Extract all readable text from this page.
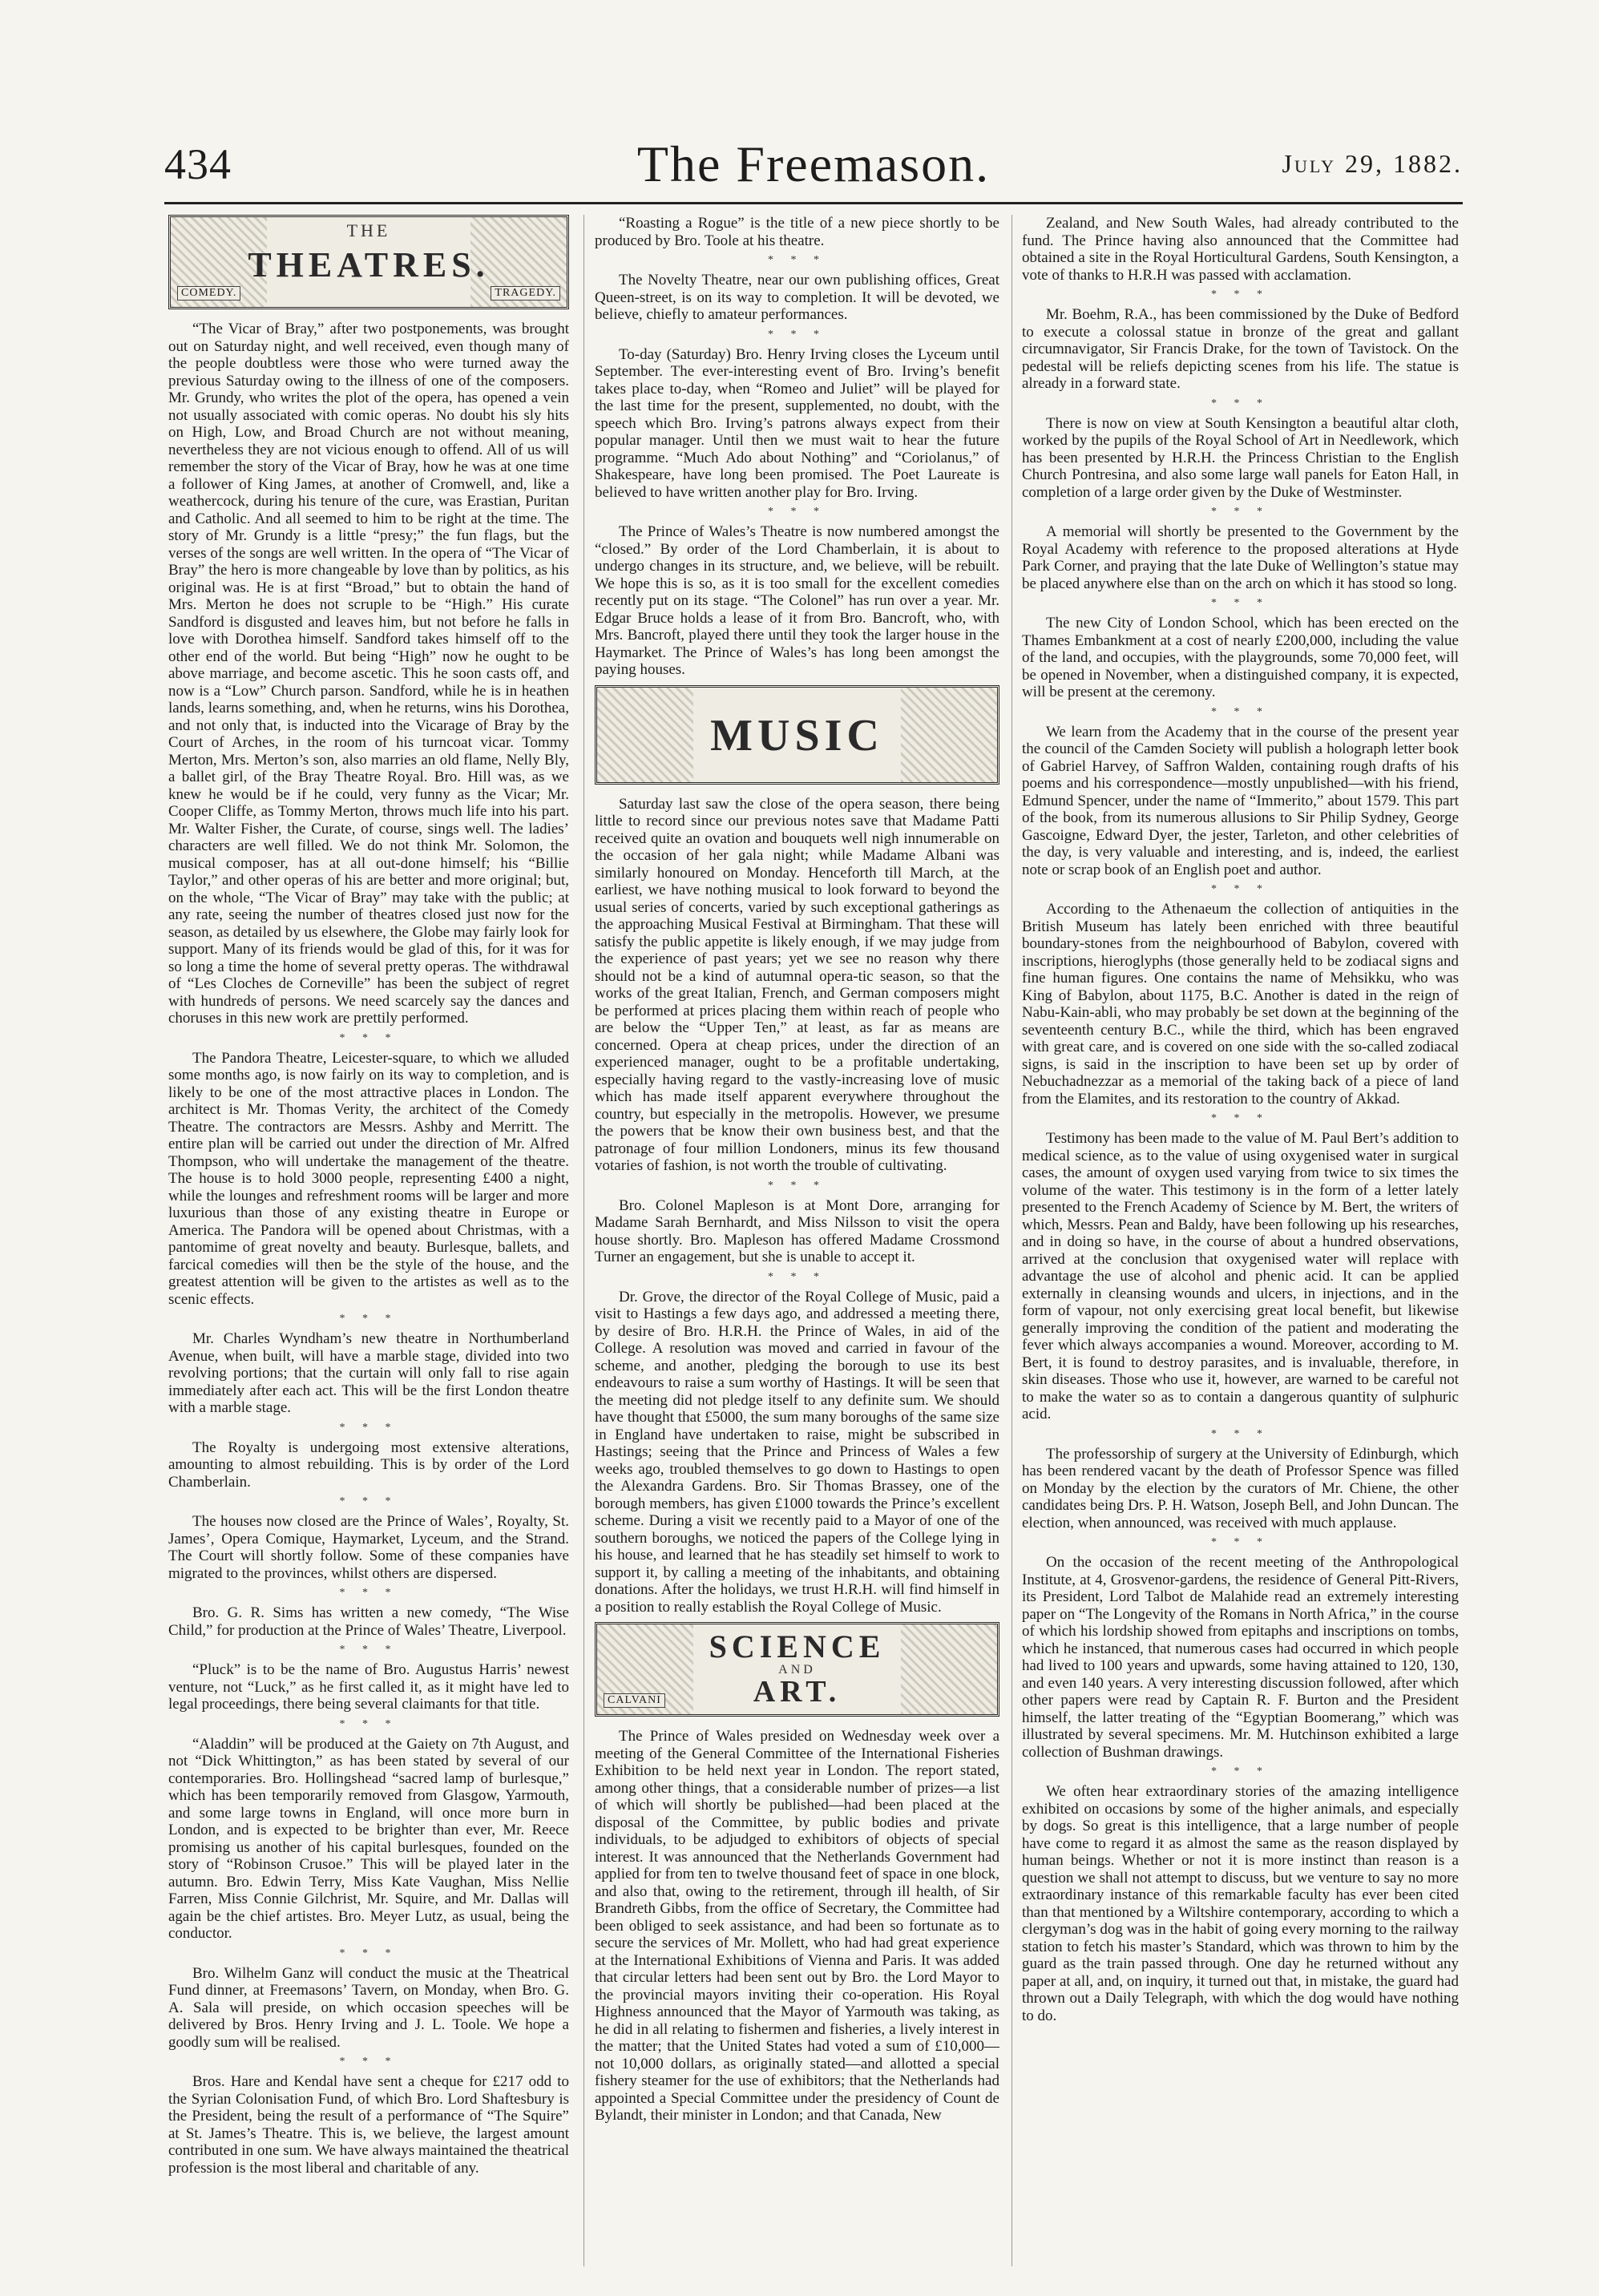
434	The Freemason.	July 29, 1882.
THE
THEATRES.
COMEDY.	TRAGEDY.

“The Vicar of Bray,” after two postponements, was brought out on Saturday night, and well received, even though many of the people doubtless were those who were turned away the previous Saturday owing to the illness of one of the composers. Mr. Grundy, who writes the plot of the opera, has opened a vein not usually associated with comic operas. No doubt his sly hits on High, Low, and Broad Church are not without meaning, nevertheless they are not vicious enough to offend. All of us will remember the story of the Vicar of Bray, how he was at one time a follower of King James, at another of Cromwell, and, like a weathercock, during his tenure of the cure, was Erastian, Puritan and Catholic. And all seemed to him to be right at the time. The story of Mr. Grundy is a little “presy;” the fun flags, but the verses of the songs are well written. In the opera of “The Vicar of Bray” the hero is more changeable by love than by politics, as his original was. He is at first “Broad,” but to obtain the hand of Mrs. Merton he does not scruple to be “High.” His curate Sandford is disgusted and leaves him, but not before he falls in love with Dorothea himself. Sandford takes himself off to the other end of the world. But being “High” now he ought to be above marriage, and become ascetic. This he soon casts off, and now is a “Low” Church parson. Sandford, while he is in heathen lands, learns something, and, when he returns, wins his Dorothea, and not only that, is inducted into the Vicarage of Bray by the Court of Arches, in the room of his turncoat vicar. Tommy Merton, Mrs. Merton’s son, also marries an old flame, Nelly Bly, a ballet girl, of the Bray Theatre Royal. Bro. Hill was, as we knew he would be if he could, very funny as the Vicar; Mr. Cooper Cliffe, as Tommy Merton, throws much life into his part. Mr. Walter Fisher, the Curate, of course, sings well. The ladies’ characters are well filled. We do not think Mr. Solomon, the musical composer, has at all out-done himself; his “Billie Taylor,” and other operas of his are better and more original; but, on the whole, “The Vicar of Bray” may take with the public; at any rate, seeing the number of theatres closed just now for the season, as detailed by us elsewhere, the Globe may fairly look for support. Many of its friends would be glad of this, for it was for so long a time the home of several pretty operas. The withdrawal of “Les Cloches de Corneville” has been the subject of regret with hundreds of persons. We need scarcely say the dances and choruses in this new work are prettily performed.

* * *

The Pandora Theatre, Leicester-square, to which we alluded some months ago, is now fairly on its way to completion, and is likely to be one of the most attractive places in London. The architect is Mr. Thomas Verity, the architect of the Comedy Theatre. The contractors are Messrs. Ashby and Merritt. The entire plan will be carried out under the direction of Mr. Alfred Thompson, who will undertake the management of the theatre. The house is to hold 3000 people, representing £400 a night, while the lounges and refreshment rooms will be larger and more luxurious than those of any existing theatre in Europe or America. The Pandora will be opened about Christmas, with a pantomime of great novelty and beauty. Burlesque, ballets, and farcical comedies will then be the style of the house, and the greatest attention will be given to the artistes as well as to the scenic effects.

* * *

Mr. Charles Wyndham’s new theatre in Northumberland Avenue, when built, will have a marble stage, divided into two revolving portions; that the curtain will only fall to rise again immediately after each act. This will be the first London theatre with a marble stage.

* * *

The Royalty is undergoing most extensive alterations, amounting to almost rebuilding. This is by order of the Lord Chamberlain.

* * *

The houses now closed are the Prince of Wales’, Royalty, St. James’, Opera Comique, Haymarket, Lyceum, and the Strand. The Court will shortly follow. Some of these companies have migrated to the provinces, whilst others are dispersed.

* * *

Bro. G. R. Sims has written a new comedy, “The Wise Child,” for production at the Prince of Wales’ Theatre, Liverpool.

* * *

“Pluck” is to be the name of Bro. Augustus Harris’ newest venture, not “Luck,” as he first called it, as it might have led to legal proceedings, there being several claimants for that title.

* * *

“Aladdin” will be produced at the Gaiety on 7th August, and not “Dick Whittington,” as has been stated by several of our contemporaries. Bro. Hollingshead “sacred lamp of burlesque,” which has been temporarily removed from Glasgow, Yarmouth, and some large towns in England, will once more burn in London, and is expected to be brighter than ever, Mr. Reece promising us another of his capital burlesques, founded on the story of “Robinson Crusoe.” This will be played later in the autumn. Bro. Edwin Terry, Miss Kate Vaughan, Miss Nellie Farren, Miss Connie Gilchrist, Mr. Squire, and Mr. Dallas will again be the chief artistes. Bro. Meyer Lutz, as usual, being the conductor.

* * *

Bro. Wilhelm Ganz will conduct the music at the Theatrical Fund dinner, at Freemasons’ Tavern, on Monday, when Bro. G. A. Sala will preside, on which occasion speeches will be delivered by Bros. Henry Irving and J. L. Toole. We hope a goodly sum will be realised.

* * *

Bros. Hare and Kendal have sent a cheque for £217 odd to the Syrian Colonisation Fund, of which Bro. Lord Shaftesbury is the President, being the result of a performance of “The Squire” at St. James’s Theatre. This is, we believe, the largest amount contributed in one sum. We have always maintained the theatrical profession is the most liberal and charitable of any.

“Roasting a Rogue” is the title of a new piece shortly to be produced by Bro. Toole at his theatre.

* * *

The Novelty Theatre, near our own publishing offices, Great Queen-street, is on its way to completion. It will be devoted, we believe, chiefly to amateur performances.

* * *

To-day (Saturday) Bro. Henry Irving closes the Lyceum until September. The ever-interesting event of Bro. Irving’s benefit takes place to-day, when “Romeo and Juliet” will be played for the last time for the present, supplemented, no doubt, with the speech which Bro. Irving’s patrons always expect from their popular manager. Until then we must wait to hear the future programme. “Much Ado about Nothing” and “Coriolanus,” of Shakespeare, have long been promised. The Poet Laureate is believed to have written another play for Bro. Irving.

* * *

The Prince of Wales’s Theatre is now numbered amongst the “closed.” By order of the Lord Chamberlain, it is about to undergo changes in its structure, and, we believe, will be rebuilt. We hope this is so, as it is too small for the excellent comedies recently put on its stage. “The Colonel” has run over a year. Mr. Edgar Bruce holds a lease of it from Bro. Bancroft, who, with Mrs. Bancroft, played there until they took the larger house in the Haymarket. The Prince of Wales’s has long been amongst the paying houses.

MUSIC

Saturday last saw the close of the opera season, there being little to record since our previous notes save that Madame Patti received quite an ovation and bouquets well nigh innumerable on the occasion of her gala night; while Madame Albani was similarly honoured on Monday. Henceforth till March, at the earliest, we have nothing musical to look forward to beyond the usual series of concerts, varied by such exceptional gatherings as the approaching Musical Festival at Birmingham. That these will satisfy the public appetite is likely enough, if we may judge from the experience of past years; yet we see no reason why there should not be a kind of autumnal opera-tic season, so that the works of the great Italian, French, and German composers might be performed at prices placing them within reach of people who are below the “Upper Ten,” at least, as far as means are concerned. Opera at cheap prices, under the direction of an experienced manager, ought to be a profitable undertaking, especially having regard to the vastly-increasing love of music which has made itself apparent everywhere throughout the country, but especially in the metropolis. However, we presume the powers that be know their own business best, and that the patronage of four million Londoners, minus its few thousand votaries of fashion, is not worth the trouble of cultivating.

* * *

Bro. Colonel Mapleson is at Mont Dore, arranging for Madame Sarah Bernhardt, and Miss Nilsson to visit the opera house shortly. Bro. Mapleson has offered Madame Crossmond Turner an engagement, but she is unable to accept it.

* * *

Dr. Grove, the director of the Royal College of Music, paid a visit to Hastings a few days ago, and addressed a meeting there, by desire of Bro. H.R.H. the Prince of Wales, in aid of the College. A resolution was moved and carried in favour of the scheme, and another, pledging the borough to use its best endeavours to raise a sum worthy of Hastings. It will be seen that the meeting did not pledge itself to any definite sum. We should have thought that £5000, the sum many boroughs of the same size in England have undertaken to raise, might be subscribed in Hastings; seeing that the Prince and Princess of Wales a few weeks ago, troubled themselves to go down to Hastings to open the Alexandra Gardens. Bro. Sir Thomas Brassey, one of the borough members, has given £1000 towards the Prince’s excellent scheme. During a visit we recently paid to a Mayor of one of the southern boroughs, we noticed the papers of the College lying in his house, and learned that he has steadily set himself to work to support it, by calling a meeting of the inhabitants, and obtaining donations. After the holidays, we trust H.R.H. will find himself in a position to really establish the Royal College of Music.

SCIENCE
AND
ART.
CALVANI

The Prince of Wales presided on Wednesday week over a meeting of the General Committee of the International Fisheries Exhibition to be held next year in London. The report stated, among other things, that a considerable number of prizes—a list of which will shortly be published—had been placed at the disposal of the Committee, by public bodies and private individuals, to be adjudged to exhibitors of objects of special interest. It was announced that the Netherlands Government had applied for from ten to twelve thousand feet of space in one block, and also that, owing to the retirement, through ill health, of Sir Brandreth Gibbs, from the office of Secretary, the Committee had been obliged to seek assistance, and had been so fortunate as to secure the services of Mr. Mollett, who had had great experience at the International Exhibitions of Vienna and Paris. It was added that circular letters had been sent out by Bro. the Lord Mayor to the provincial mayors inviting their co-operation. His Royal Highness announced that the Mayor of Yarmouth was taking, as he did in all relating to fishermen and fisheries, a lively interest in the matter; that the United States had voted a sum of £10,000—not 10,000 dollars, as originally stated—and allotted a special fishery steamer for the use of exhibitors; that the Netherlands had appointed a Special Committee under the presidency of Count de Bylandt, their minister in London; and that Canada, New

Zealand, and New South Wales, had already contributed to the fund. The Prince having also announced that the Committee had obtained a site in the Royal Horticultural Gardens, South Kensington, a vote of thanks to H.R.H was passed with acclamation.

* * *

Mr. Boehm, R.A., has been commissioned by the Duke of Bedford to execute a colossal statue in bronze of the great and gallant circumnavigator, Sir Francis Drake, for the town of Tavistock. On the pedestal will be reliefs depicting scenes from his life. The statue is already in a forward state.

* * *

There is now on view at South Kensington a beautiful altar cloth, worked by the pupils of the Royal School of Art in Needlework, which has been presented by H.R.H. the Princess Christian to the English Church Pontresina, and also some large wall panels for Eaton Hall, in completion of a large order given by the Duke of Westminster.

* * *

A memorial will shortly be presented to the Government by the Royal Academy with reference to the proposed alterations at Hyde Park Corner, and praying that the late Duke of Wellington’s statue may be placed anywhere else than on the arch on which it has stood so long.

* * *

The new City of London School, which has been erected on the Thames Embankment at a cost of nearly £200,000, including the value of the land, and occupies, with the playgrounds, some 70,000 feet, will be opened in November, when a distinguished company, it is expected, will be present at the ceremony.

* * *

We learn from the Academy that in the course of the present year the council of the Camden Society will publish a holograph letter book of Gabriel Harvey, of Saffron Walden, containing rough drafts of his poems and his correspondence—mostly unpublished—with his friend, Edmund Spencer, under the name of “Immerito,” about 1579. This part of the book, from its numerous allusions to Sir Philip Sydney, George Gascoigne, Edward Dyer, the jester, Tarleton, and other celebrities of the day, is very valuable and interesting, and is, indeed, the earliest note or scrap book of an English poet and author.

* * *

According to the Athenaeum the collection of antiquities in the British Museum has lately been enriched with three beautiful boundary-stones from the neighbourhood of Babylon, covered with inscriptions, hieroglyphs (those generally held to be zodiacal signs and fine human figures. One contains the name of Mehsikku, who was King of Babylon, about 1175, B.C. Another is dated in the reign of Nabu-Kain-abli, who may probably be set down at the beginning of the seventeenth century B.C., while the third, which has been engraved with great care, and is covered on one side with the so-called zodiacal signs, is said in the inscription to have been set up by order of Nebuchadnezzar as a memorial of the taking back of a piece of land from the Elamites, and its restoration to the country of Akkad.

* * *

Testimony has been made to the value of M. Paul Bert’s addition to medical science, as to the value of using oxygenised water in surgical cases, the amount of oxygen used varying from twice to six times the volume of the water. This testimony is in the form of a letter lately presented to the French Academy of Science by M. Bert, the writers of which, Messrs. Pean and Baldy, have been following up his researches, and in doing so have, in the course of about a hundred observations, arrived at the conclusion that oxygenised water will replace with advantage the use of alcohol and phenic acid. It can be applied externally in cleansing wounds and ulcers, in injections, and in the form of vapour, not only exercising great local benefit, but likewise generally improving the condition of the patient and moderating the fever which always accompanies a wound. Moreover, according to M. Bert, it is found to destroy parasites, and is invaluable, therefore, in skin diseases. Those who use it, however, are warned to be careful not to make the water so as to contain a dangerous quantity of sulphuric acid.

* * *

The professorship of surgery at the University of Edinburgh, which has been rendered vacant by the death of Professor Spence was filled on Monday by the election by the curators of Mr. Chiene, the other candidates being Drs. P. H. Watson, Joseph Bell, and John Duncan. The election, when announced, was received with much applause.

* * *

On the occasion of the recent meeting of the Anthropological Institute, at 4, Grosvenor-gardens, the residence of General Pitt-Rivers, its President, Lord Talbot de Malahide read an extremely interesting paper on “The Longevity of the Romans in North Africa,” in the course of which his lordship showed from epitaphs and inscriptions on tombs, which he instanced, that numerous cases had occurred in which people had lived to 100 years and upwards, some having attained to 120, 130, and even 140 years. A very interesting discussion followed, after which other papers were read by Captain R. F. Burton and the President himself, the latter treating of the “Egyptian Boomerang,” which was illustrated by several specimens. Mr. M. Hutchinson exhibited a large collection of Bushman drawings.

* * *

We often hear extraordinary stories of the amazing intelligence exhibited on occasions by some of the higher animals, and especially by dogs. So great is this intelligence, that a large number of people have come to regard it as almost the same as the reason displayed by human beings. Whether or not it is more instinct than reason is a question we shall not attempt to discuss, but we venture to say no more extraordinary instance of this remarkable faculty has ever been cited than that mentioned by a Wiltshire contemporary, according to which a clergyman’s dog was in the habit of going every morning to the railway station to fetch his master’s Standard, which was thrown to him by the guard as the train passed through. One day he returned without any paper at all, and, on inquiry, it turned out that, in mistake, the guard had thrown out a Daily Telegraph, with which the dog would have nothing to do.
